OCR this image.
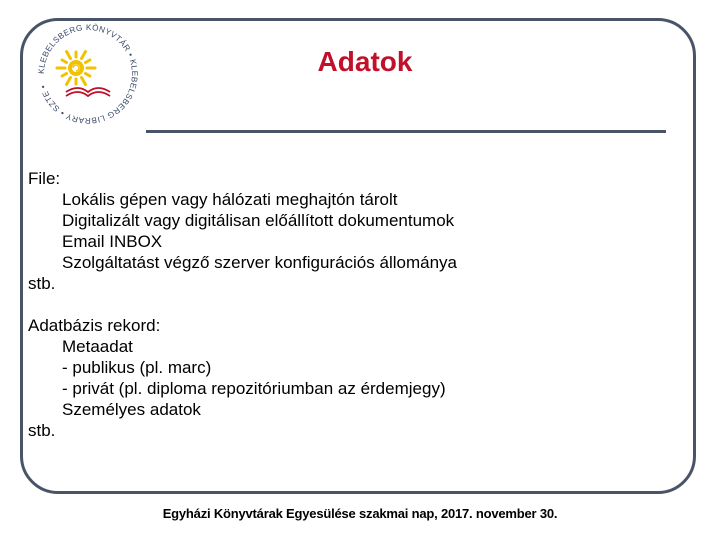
KLEBELSBERG KÖNYVTÁR • KLEBELSBERG LIBRARY • SZTE •
Adatok
File:
Lokális gépen vagy hálózati meghajtón tárolt
Digitalizált vagy digitálisan előállított dokumentumok
Email INBOX
Szolgáltatást végző szerver konfigurációs állománya
stb.
Adatbázis rekord:
Metaadat
- publikus (pl. marc)
- privát (pl. diploma repozitóriumban az érdemjegy)
Személyes adatok
stb.
Egyházi Könyvtárak Egyesülése szakmai nap, 2017. november 30.
